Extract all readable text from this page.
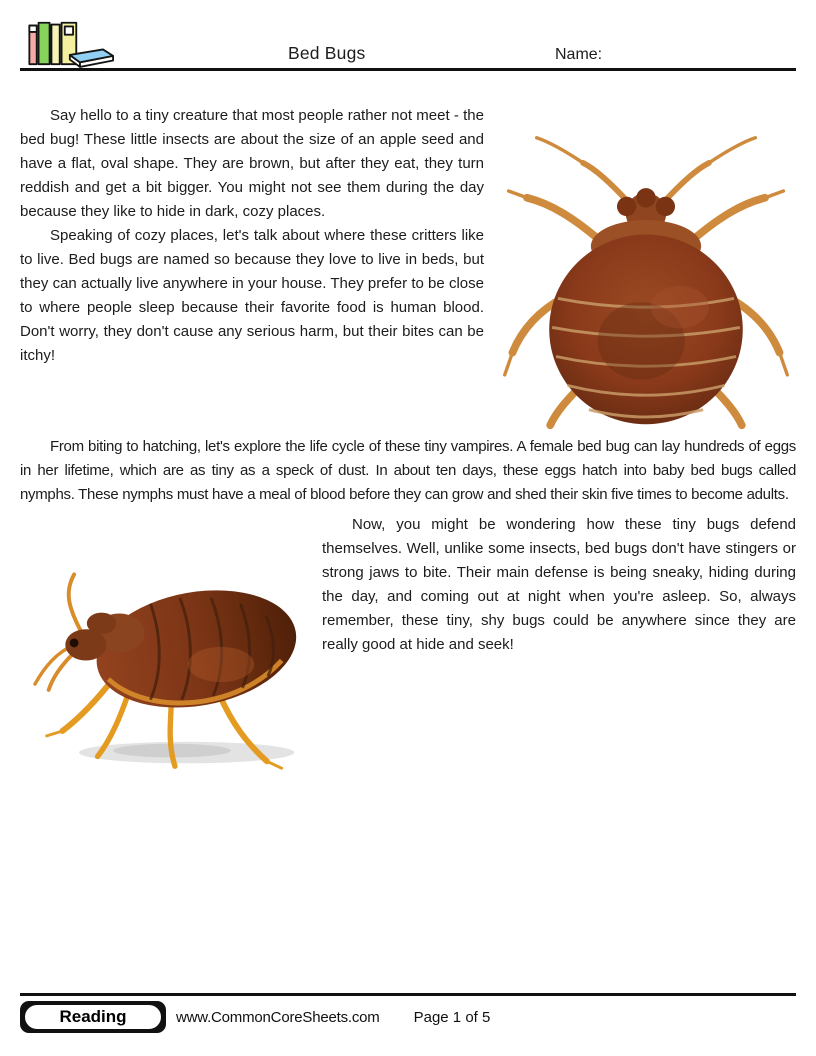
Bed Bugs	Name:

Say hello to a tiny creature that most people rather not meet - the bed bug! These little insects are about the size of an apple seed and have a flat, oval shape. They are brown, but after they eat, they turn reddish and get a bit bigger. You might not see them during the day because they like to hide in dark, cozy places.

Speaking of cozy places, let's talk about where these critters like to live. Bed bugs are named so because they love to live in beds, but they can actually live anywhere in your house. They prefer to be close to where people sleep because their favorite food is human blood. Don't worry, they don't cause any serious harm, but their bites can be itchy!

From biting to hatching, let's explore the life cycle of these tiny vampires. A female bed bug can lay hundreds of eggs in her lifetime, which are as tiny as a speck of dust. In about ten days, these eggs hatch into baby bed bugs called nymphs. These nymphs must have a meal of blood before they can grow and shed their skin five times to become adults.

Now, you might be wondering how these tiny bugs defend themselves. Well, unlike some insects, bed bugs don't have stingers or strong jaws to bite. Their main defense is being sneaky, hiding during the day, and coming out at night when you're asleep. So, always remember, these tiny, shy bugs could be anywhere since they are really good at hide and seek!

Reading	www.CommonCoreSheets.com Page 1 of 5
